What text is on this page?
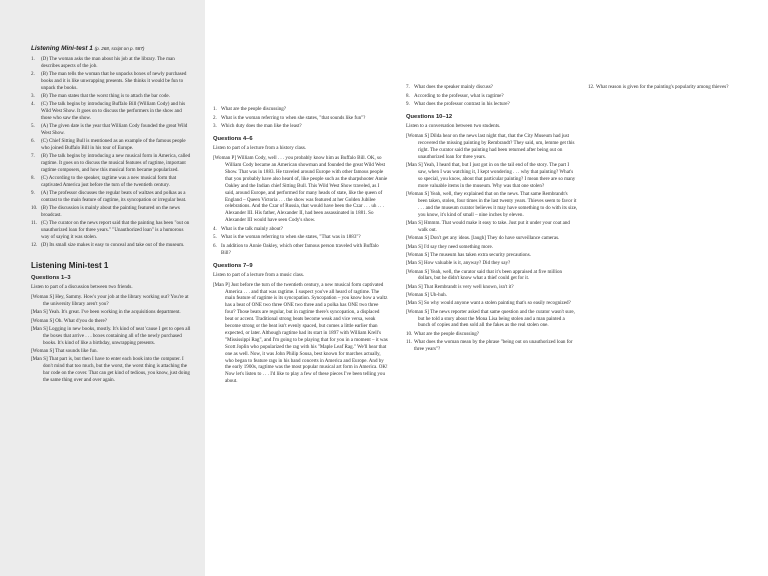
Listening Mini-test 1 (p. 268, script on p. 587)
1. (D) The woman asks the man about his job at the library. The man describes aspects of the job.
2. (B) The man tells the woman that he unpacks boxes of newly purchased books and it is like unwrapping presents. She thinks it would be fun to unpack the books.
3. (B) The man states that the worst thing is to attach the bar code.
4. (C) The talk begins by introducing Buffalo Bill (William Cody) and his Wild West Show. It goes on to discuss the performers in the show and those who saw the show.
5. (A) The given date is the year that William Cody founded the great Wild West Show.
6. (C) Chief Sitting Bull is mentioned as an example of the famous people who joined Buffalo Bill in his tour of Europe.
7. (B) The talk begins by introducing a new musical form in America, called ragtime. It goes on to discuss the musical features of ragtime, important ragtime composers, and how this musical form became popularized.
8. (C) According to the speaker, ragtime was a new musical form that captivated America just before the turn of the twentieth century.
9. (A) The professor discusses the regular beats of waltzes and polkas as a contrast to the main feature of ragtime, its syncopation or irregular beat.
10. (B) The discussion is mainly about the painting featured on the news broadcast.
11. (C) The curator on the news report said that the painting has been "out on unauthorized loan for three years." "Unauthorized loan" is a humorous way of saying it was stolen.
12. (D) Its small size makes it easy to conceal and take out of the museum.
Listening Mini-test 1
Questions 1–3
Listen to part of a discussion between two friends.
[Woman S] Hey, Sammy. How's your job at the library working out? You're at the university library aren't you?
[Man S] Yeah. It's great. I've been working in the acquisitions department.
[Woman S] Oh. What d'you do there?
[Man S] Logging in new books, mostly. It's kind of neat 'cause I get to open all the boxes that arrive . . . boxes containing all of the newly purchased books. It's kind of like a birthday, unwrapping presents.
[Woman S] That sounds like fun.
[Man S] That part is, but then I have to enter each book into the computer. I don't mind that too much, but the worst, the worst thing is attaching the bar code on the cover. That can get kind of tedious, you know, just doing the same thing over and over again.
1. What are the people discussing?
2. What is the woman referring to when she states, "that sounds like fun"?
3. Which duty does the man like the least?
Questions 4–6
Listen to part of a lecture from a history class.
[Woman P] William Cody, well . . . you probably know him as Buffalo Bill. OK, so William Cody became an American showman and founded the great Wild West Show. That was in 1883. He traveled around Europe with other famous people that you probably have also heard of, like people such as the sharpshooter Annie Oakley and the Indian chief Sitting Bull. This Wild West Show traveled, as I said, around Europe, and performed for many heads of state, like the queen of England – Queen Victoria . . . the show was featured at her Golden Jubilee celebrations. And the Czar of Russia, that would have been the Czar . . . uh . . . Alexander III. His father, Alexander II, had been assassinated in 1881. So Alexander III would have seen Cody's show.
4. What is the talk mainly about?
5. What is the woman referring to when she states, "That was in 1883"?
6. In addition to Annie Oakley, which other famous person traveled with Buffalo Bill?
Questions 7–9
Listen to part of a lecture from a music class.
[Man P] Just before the turn of the twentieth century, a new musical form captivated America . . . and that was ragtime. I suspect you've all heard of ragtime. The main feature of ragtime is its syncopation. Syncopation – you know how a waltz has a beat of ONE two three ONE two three and a polka has ONE two three four? Those beats are regular, but in ragtime there's syncopation, a displaced beat or accent. Traditional strong beats become weak and vice versa, weak become strong or the beat isn't evenly spaced, but comes a little earlier than expected, or later. Although ragtime had its start in 1897 with William Krell's "Mississippi Rag", and I'm going to be playing that for you in a moment – it was Scott Joplin who popularized the rag with his "Maple Leaf Rag." We'll hear that one as well. Now, it was John Philip Sousa, best known for marches actually, who began to feature rags in his band concerts in America and Europe. And by the early 1900s, ragtime was the most popular musical art form in America. OK! Now let's listen to . . . I'd like to play a few of these pieces I've been telling you about.
7. What does the speaker mainly discuss?
8. According to the professor, what is ragtime?
9. What does the professor contrast in his lecture?
Questions 10–12
Listen to a conversation between two students.
[Woman S] Dilda hear on the news last night that, that the City Museum had just recovered the missing painting by Rembrandt? They said, um, lemme get this right. The curator said the painting had been returned after being out on unauthorized loan for three years.
[Man S] Yeah, I heard that, but I just got in on the tail end of the story. The part I saw, when I was watching it, I kept wondering . . . why that painting? What's so special, you know, about that particular painting? I mean there are so many more valuable items in the museum. Why was that one stolen?
[Woman S] Yeah, well, they explained that on the news. That same Rembrandt's been taken, stolen, four times in the last twenty years. Thieves seem to favor it . . . and the museum curator believes it may have something to do with its size, you know, it's kind of small – nine inches by eleven.
[Man S] Hmmm. That would make it easy to take. Just put it under your coat and walk out.
[Woman S] Don't get any ideas. [laugh] They do have surveillance cameras.
[Man S] I'd say they need something more.
[Woman S] The museum has taken extra security precautions.
[Man S] How valuable is it, anyway? Did they say?
[Woman S] Yeah, well, the curator said that it's been appraised at five million dollars, but he didn't know what a thief could get for it.
[Man S] That Rembrandt is very well known, isn't it?
[Woman S] Uh-huh.
[Man S] So why would anyone want a stolen painting that's so easily recognized?
[Woman S] The news reporter asked that same question and the curator wasn't sure, but he told a story about the Mona Lisa being stolen and a man painted a bunch of copies and then sold all the fakes as the real stolen one.
10. What are the people discussing?
11. What does the woman mean by the phrase "being out on unauthorized loan for three years"?
12. What reason is given for the painting's popularity among thieves?
